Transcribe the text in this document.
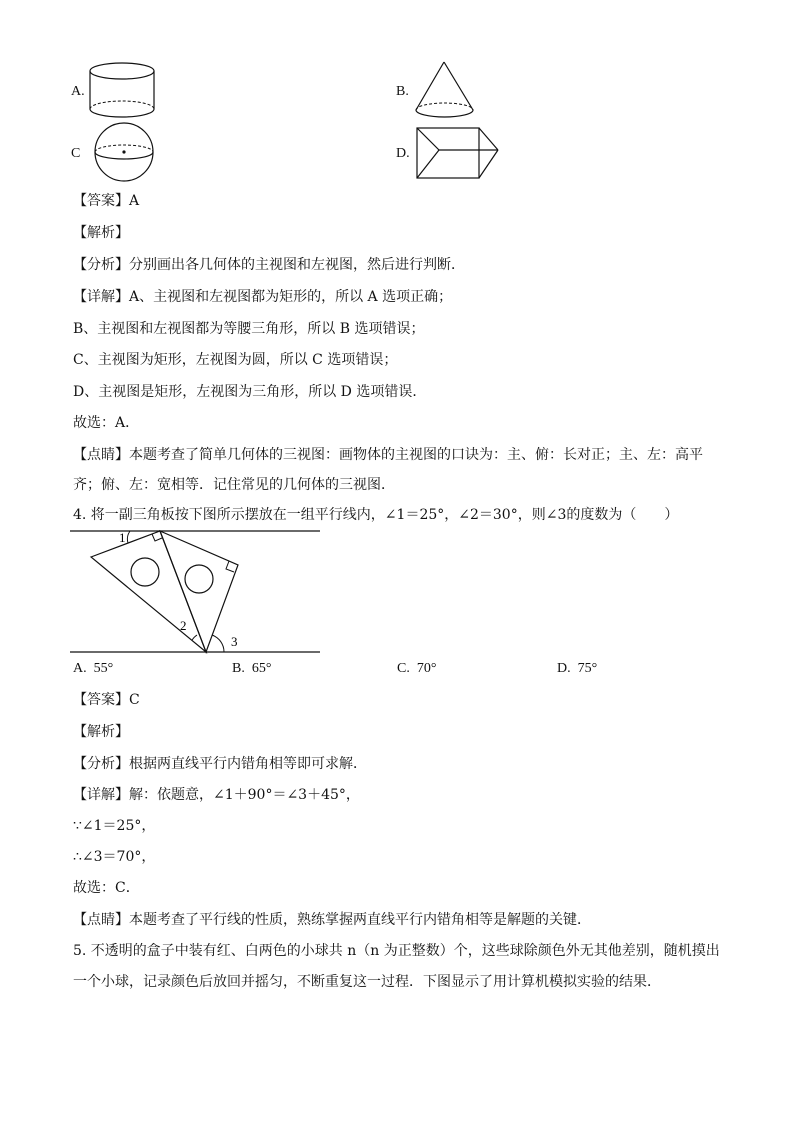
A.	B.
C	D.
【答案】A
【解析】
【分析】分别画出各几何体的主视图和左视图，然后进行判断．
【详解】A、主视图和左视图都为矩形的，所以 A 选项正确；
B、主视图和左视图都为等腰三角形，所以 B 选项错误；
C、主视图为矩形，左视图为圆，所以 C 选项错误；
D、主视图是矩形，左视图为三角形，所以 D 选项错误．
故选：A．
【点睛】本题考查了简单几何体的三视图：画物体的主视图的口诀为：主、俯：长对正；主、左：高平
齐；俯、左：宽相等．记住常见的几何体的三视图．
4. 将一副三角板按下图所示摆放在一组平行线内，∠1＝25°，∠2＝30°，则∠3的度数为（　　）
1
2
3
A. 55°	B. 65°	C. 70°	D. 75°
【答案】C
【解析】
【分析】根据两直线平行内错角相等即可求解．
【详解】解：依题意，∠1＋90°＝∠3＋45°，
∵∠1＝25°，
∴∠3＝70°，
故选：C．
【点睛】本题考查了平行线的性质，熟练掌握两直线平行内错角相等是解题的关键．
5. 不透明的盒子中装有红、白两色的小球共 n（n 为正整数）个，这些球除颜色外无其他差别，随机摸出
一个小球，记录颜色后放回并摇匀，不断重复这一过程．下图显示了用计算机模拟实验的结果．
